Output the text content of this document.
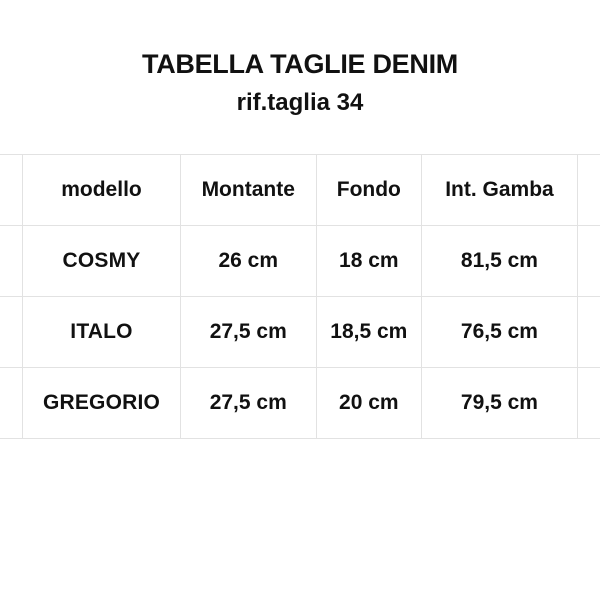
TABELLA TAGLIE DENIM
rif.taglia 34
	modello	Montante	Fondo	Int. Gamba	
	COSMY	26 cm	18 cm	81,5 cm	
	ITALO	27,5 cm	18,5 cm	76,5 cm	
	GREGORIO	27,5 cm	20 cm	79,5 cm	
